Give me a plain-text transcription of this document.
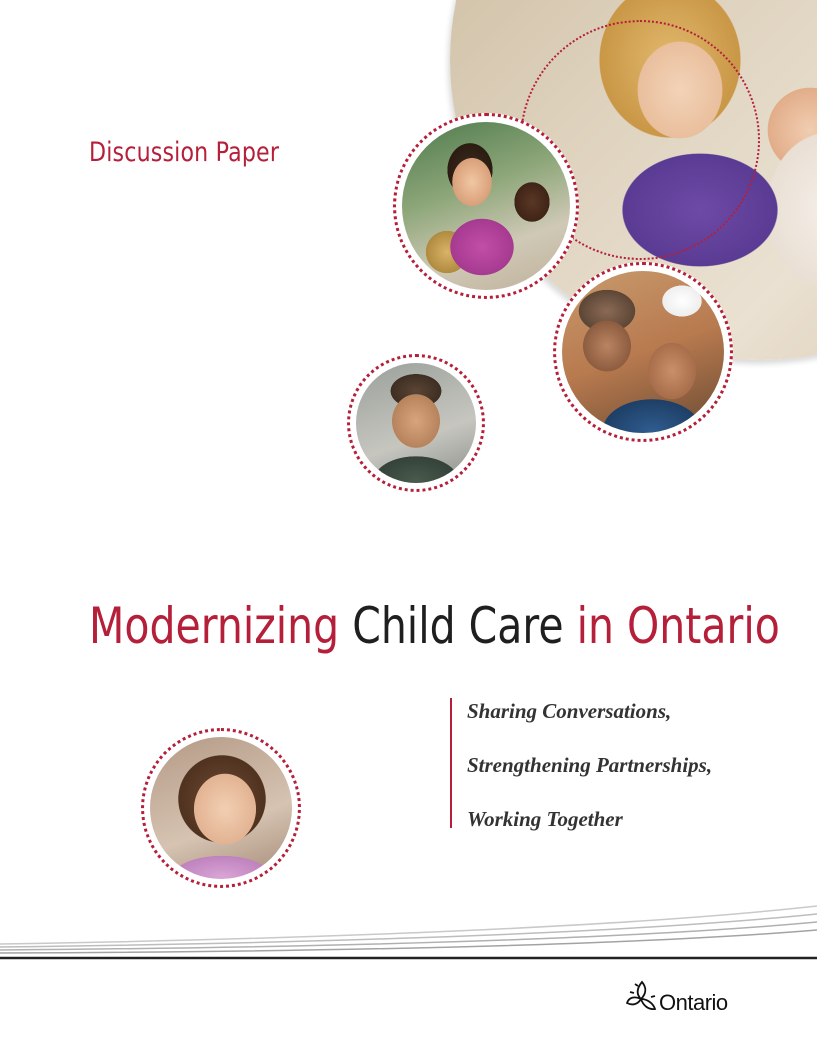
Discussion Paper
Modernizing Child Care in Ontario
Sharing Conversations,
Strengthening Partnerships,
Working Together
Ontario
